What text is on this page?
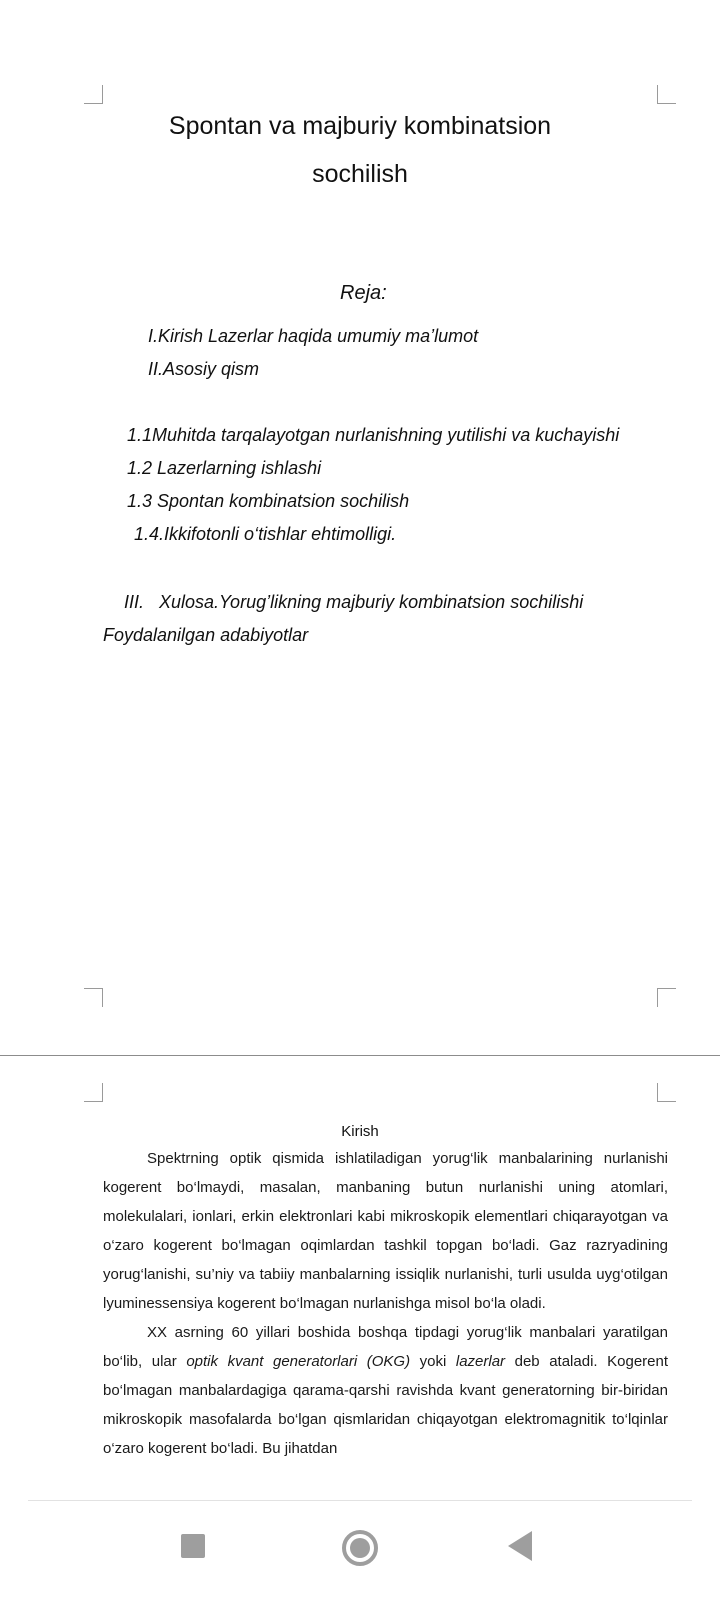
Spontan va majburiy kombinatsion
sochilish
Reja:
I.Kirish Lazerlar haqida umumiy ma’lumot
II.Asosiy qism
1.1Muhitda tarqalayotgan nurlanishning yutilishi va kuchayishi
1.2 Lazerlarning ishlashi
1.3 Spontan kombinatsion sochilish
1.4.Ikkifotonli o‘tishlar ehtimolligi.
III.   Xulosa.Yorug’likning majburiy kombinatsion sochilishi
Foydalanilgan adabiyotlar
Kirish

Spektrning optik qismida ishlatiladigan yorug‘lik manbalarining nurlanishi kogerent bo‘lmaydi, masalan, manbaning butun nurlanishi uning atomlari, molekulalari, ionlari, erkin elektronlari kabi mikroskopik elementlari chiqarayotgan va o‘zaro kogerent bo‘lmagan oqimlardan tashkil topgan bo‘ladi. Gaz razryadining yorug‘lanishi, su’niy va tabiiy manbalarning issiqlik nurlanishi, turli usulda uyg‘otilgan lyuminessensiya kogerent bo‘lmagan nurlanishga misol bo‘la oladi.

XX asrning 60 yillari boshida boshqa tipdagi yorug‘lik manbalari yaratilgan bo‘lib, ular optik kvant generatorlari (OKG) yoki lazerlar deb ataladi. Kogerent bo‘lmagan manbalardagiga qarama-qarshi ravishda kvant generatorning bir-biridan mikroskopik masofalarda bo‘lgan qismlaridan chiqayotgan elektromagnitik to‘lqinlar o‘zaro kogerent bo‘ladi. Bu jihatdan
